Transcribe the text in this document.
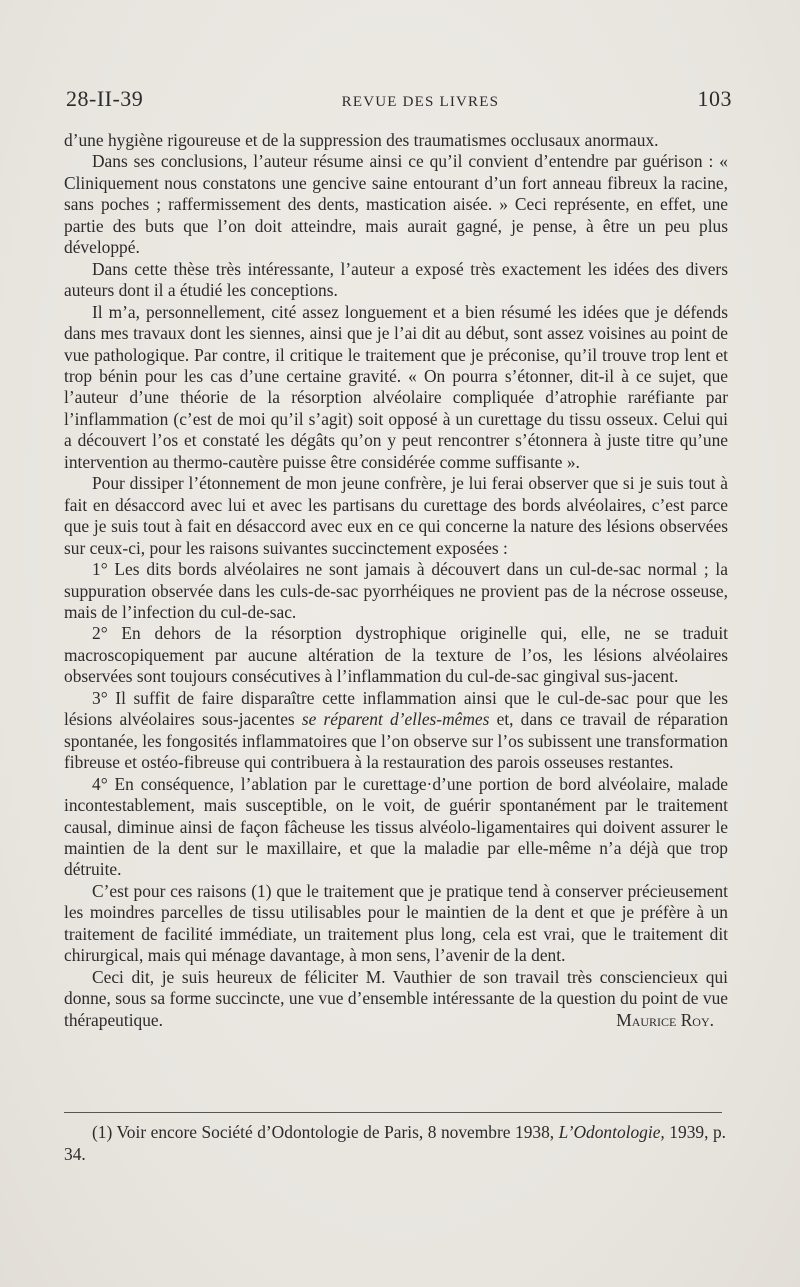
28-II-39	REVUE DES LIVRES	103

d’une hygiène rigoureuse et de la suppression des traumatismes occlusaux anormaux.

Dans ses conclusions, l’auteur résume ainsi ce qu’il convient d’entendre par guérison : « Cliniquement nous constatons une gencive saine entourant d’un fort anneau fibreux la racine, sans poches ; raffermissement des dents, mastication aisée. » Ceci représente, en effet, une partie des buts que l’on doit atteindre, mais aurait gagné, je pense, à être un peu plus développé.

Dans cette thèse très intéressante, l’auteur a exposé très exactement les idées des divers auteurs dont il a étudié les conceptions.

Il m’a, personnellement, cité assez longuement et a bien résumé les idées que je défends dans mes travaux dont les siennes, ainsi que je l’ai dit au début, sont assez voisines au point de vue pathologique. Par contre, il critique le traitement que je préconise, qu’il trouve trop lent et trop bénin pour les cas d’une certaine gravité. « On pourra s’étonner, dit-il à ce sujet, que l’auteur d’une théorie de la résorption alvéolaire compliquée d’atrophie raréfiante par l’inflammation (c’est de moi qu’il s’agit) soit opposé à un curettage du tissu osseux. Celui qui a découvert l’os et constaté les dégâts qu’on y peut rencontrer s’étonnera à juste titre qu’une intervention au thermo-cautère puisse être considérée comme suffisante ».

Pour dissiper l’étonnement de mon jeune confrère, je lui ferai observer que si je suis tout à fait en désaccord avec lui et avec les partisans du curettage des bords alvéolaires, c’est parce que je suis tout à fait en désaccord avec eux en ce qui concerne la nature des lésions observées sur ceux-ci, pour les raisons suivantes succinctement exposées :

1° Les dits bords alvéolaires ne sont jamais à découvert dans un cul-de-sac normal ; la suppuration observée dans les culs-de-sac pyorrhéiques ne provient pas de la nécrose osseuse, mais de l’infection du cul-de-sac.

2° En dehors de la résorption dystrophique originelle qui, elle, ne se traduit macroscopiquement par aucune altération de la texture de l’os, les lésions alvéolaires observées sont toujours consécutives à l’inflammation du cul-de-sac gingival sus-jacent.

3° Il suffit de faire disparaître cette inflammation ainsi que le cul-de-sac pour que les lésions alvéolaires sous-jacentes se réparent d’elles-mêmes et, dans ce travail de réparation spontanée, les fongosités inflammatoires que l’on observe sur l’os subissent une transformation fibreuse et ostéo-fibreuse qui contribuera à la restauration des parois osseuses restantes.

4° En conséquence, l’ablation par le curettage·d’une portion de bord alvéolaire, malade incontestablement, mais susceptible, on le voit, de guérir spontanément par le traitement causal, diminue ainsi de façon fâcheuse les tissus alvéolo-ligamentaires qui doivent assurer le maintien de la dent sur le maxillaire, et que la maladie par elle-même n’a déjà que trop détruite.

C’est pour ces raisons (1) que le traitement que je pratique tend à conserver précieusement les moindres parcelles de tissu utilisables pour le maintien de la dent et que je préfère à un traitement de facilité immédiate, un traitement plus long, cela est vrai, que le traitement dit chirurgical, mais qui ménage davantage, à mon sens, l’avenir de la dent.

Ceci dit, je suis heureux de féliciter M. Vauthier de son travail très consciencieux qui donne, sous sa forme succincte, une vue d’ensemble intéressante de la question du point de vue thérapeutique.	Maurice Roy.

(1) Voir encore Société d’Odontologie de Paris, 8 novembre 1938, L’Odontologie, 1939, p. 34.
